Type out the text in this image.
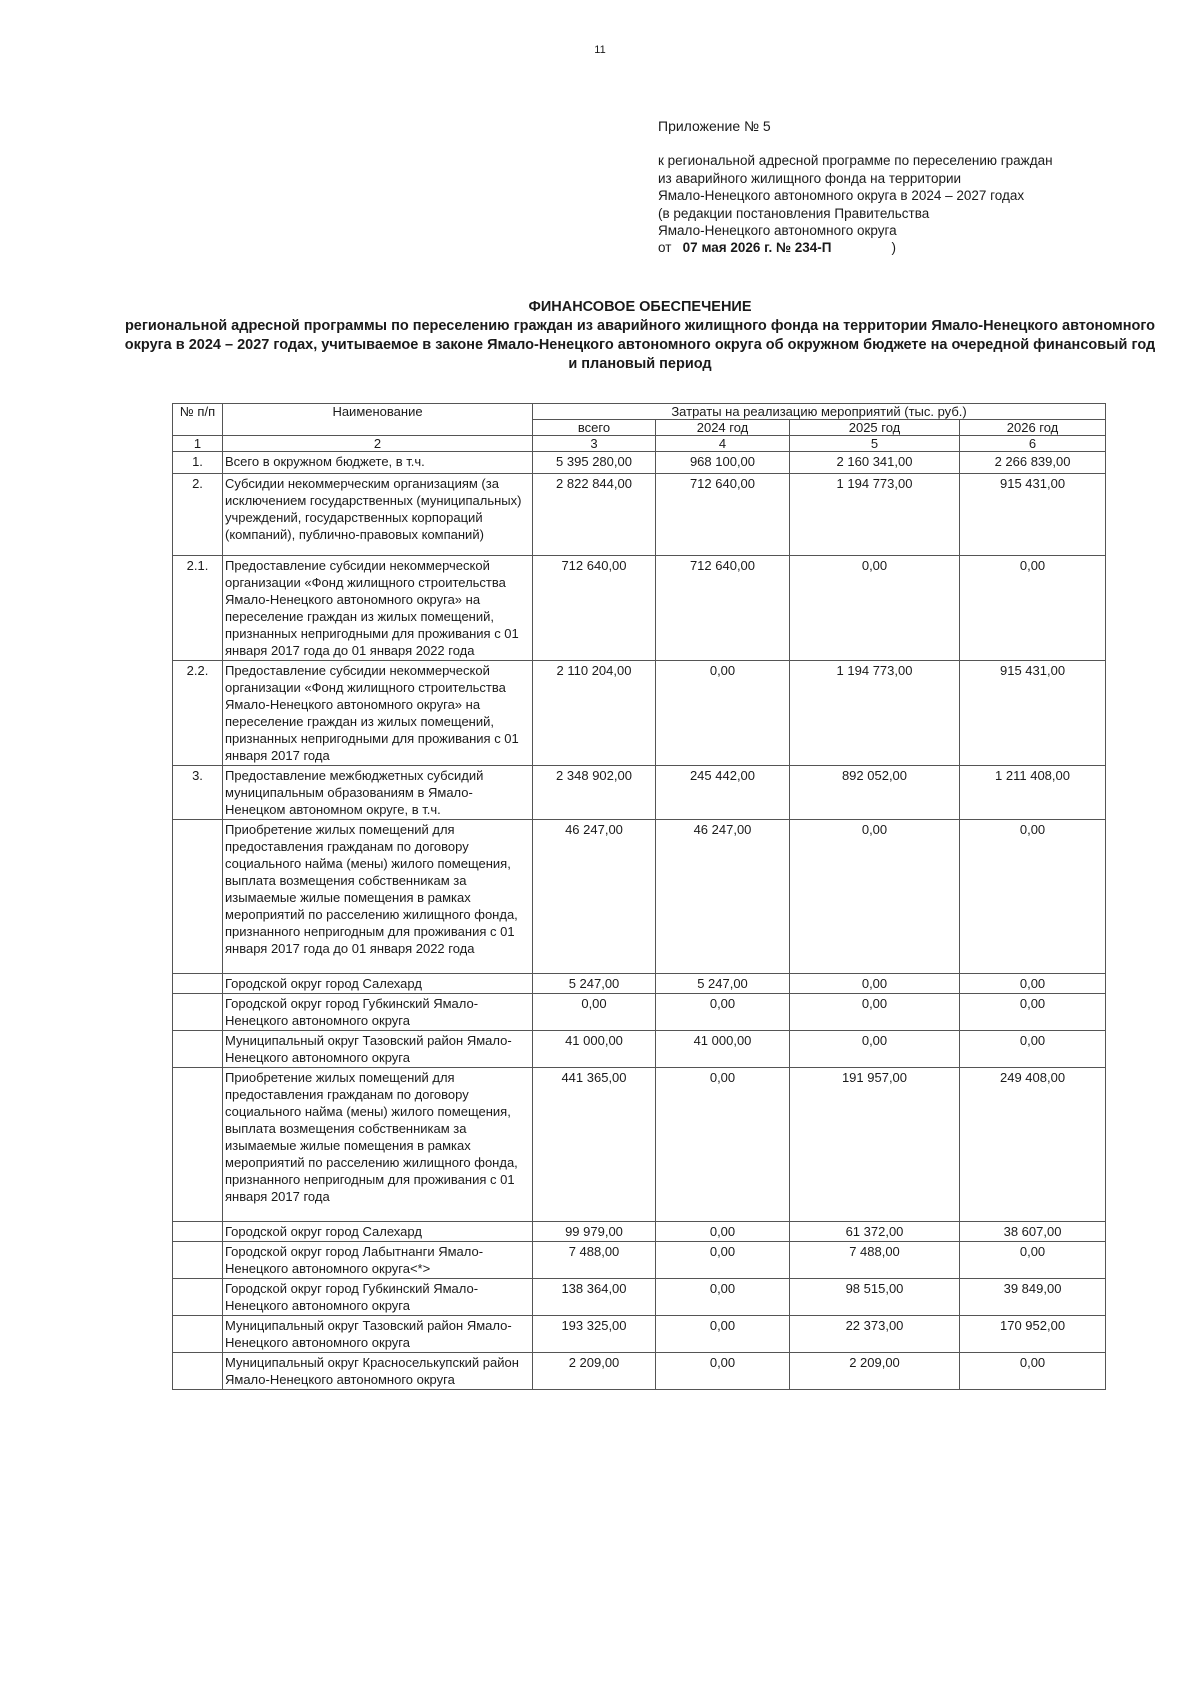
11
Приложение № 5
к региональной адресной программе по переселению граждан
из аварийного жилищного фонда на территории
Ямало-Ненецкого автономного округа в 2024 – 2027 годах
(в редакции постановления Правительства
Ямало-Ненецкого автономного округа
от 07 мая 2026 г. № 234-П	)
ФИНАНСОВОЕ ОБЕСПЕЧЕНИЕ
региональной адресной программы по переселению граждан из аварийного жилищного фонда на территории Ямало-Ненецкого автономного округа в 2024 – 2027 годах, учитываемое в законе Ямало-Ненецкого автономного округа об окружном бюджете на очередной финансовый год и плановый период
№ п/п	Наименование	Затраты на реализацию мероприятий (тыс. руб.)			
		всего	2024 год	2025 год	2026 год
1	2	3	4	5	6
1.	Всего в окружном бюджете, в т.ч.	5 395 280,00	968 100,00	2 160 341,00	2 266 839,00
2.	Субсидии некоммерческим организациям (за исключением государственных (муниципальных) учреждений, государственных корпораций (компаний), публично-правовых компаний)	2 822 844,00	712 640,00	1 194 773,00	915 431,00
2.1.	Предоставление субсидии некоммерческой организации «Фонд жилищного строительства Ямало-Ненецкого автономного округа» на переселение граждан из жилых помещений, признанных непригодными для проживания с 01 января 2017 года до 01 января 2022 года	712 640,00	712 640,00	0,00	0,00
2.2.	Предоставление субсидии некоммерческой организации «Фонд жилищного строительства Ямало-Ненецкого автономного округа» на переселение граждан из жилых помещений, признанных непригодными для проживания с 01 января 2017 года	2 110 204,00	0,00	1 194 773,00	915 431,00
3.	Предоставление межбюджетных субсидий муниципальным образованиям в Ямало-Ненецком автономном округе, в т.ч.	2 348 902,00	245 442,00	892 052,00	1 211 408,00
	Приобретение жилых помещений для предоставления гражданам по договору социального найма (мены) жилого помещения, выплата возмещения собственникам за изымаемые жилые помещения в рамках мероприятий по расселению жилищного фонда, признанного непригодным для проживания с 01 января 2017 года до 01 января 2022 года	46 247,00	46 247,00	0,00	0,00
	Городской округ город Салехард	5 247,00	5 247,00	0,00	0,00
	Городской округ город Губкинский Ямало-Ненецкого автономного округа	0,00	0,00	0,00	0,00
	Муниципальный округ Тазовский район Ямало-Ненецкого автономного округа	41 000,00	41 000,00	0,00	0,00
	Приобретение жилых помещений для предоставления гражданам по договору социального найма (мены) жилого помещения, выплата возмещения собственникам за изымаемые жилые помещения в рамках мероприятий по расселению жилищного фонда, признанного непригодным для проживания с 01 января 2017 года	441 365,00	0,00	191 957,00	249 408,00
	Городской округ город Салехард	99 979,00	0,00	61 372,00	38 607,00
	Городской округ город Лабытнанги Ямало-Ненецкого автономного округа<*>	7 488,00	0,00	7 488,00	0,00
	Городской округ город Губкинский Ямало-Ненецкого автономного округа	138 364,00	0,00	98 515,00	39 849,00
	Муниципальный округ Тазовский район Ямало-Ненецкого автономного округа	193 325,00	0,00	22 373,00	170 952,00
	Муниципальный округ Красноселькупский район Ямало-Ненецкого автономного округа	2 209,00	0,00	2 209,00	0,00
